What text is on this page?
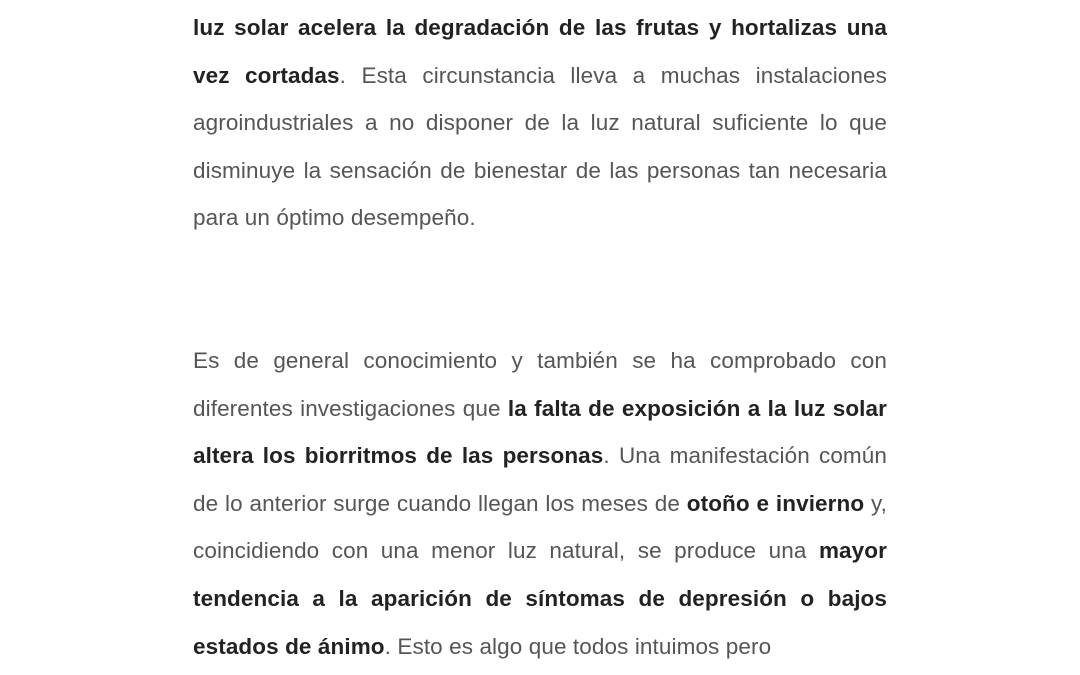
luz solar acelera la degradación de las frutas y hortalizas una vez cortadas. Esta circunstancia lleva a muchas instalaciones agroindustriales a no disponer de la luz natural suficiente lo que disminuye la sensación de bienestar de las personas tan necesaria para un óptimo desempeño.

Es de general conocimiento y también se ha comprobado con diferentes investigaciones que la falta de exposición a la luz solar altera los biorritmos de las personas. Una manifestación común de lo anterior surge cuando llegan los meses de otoño e invierno y, coincidiendo con una menor luz natural, se produce una mayor tendencia a la aparición de síntomas de depresión o bajos estados de ánimo. Esto es algo que todos intuimos pero
